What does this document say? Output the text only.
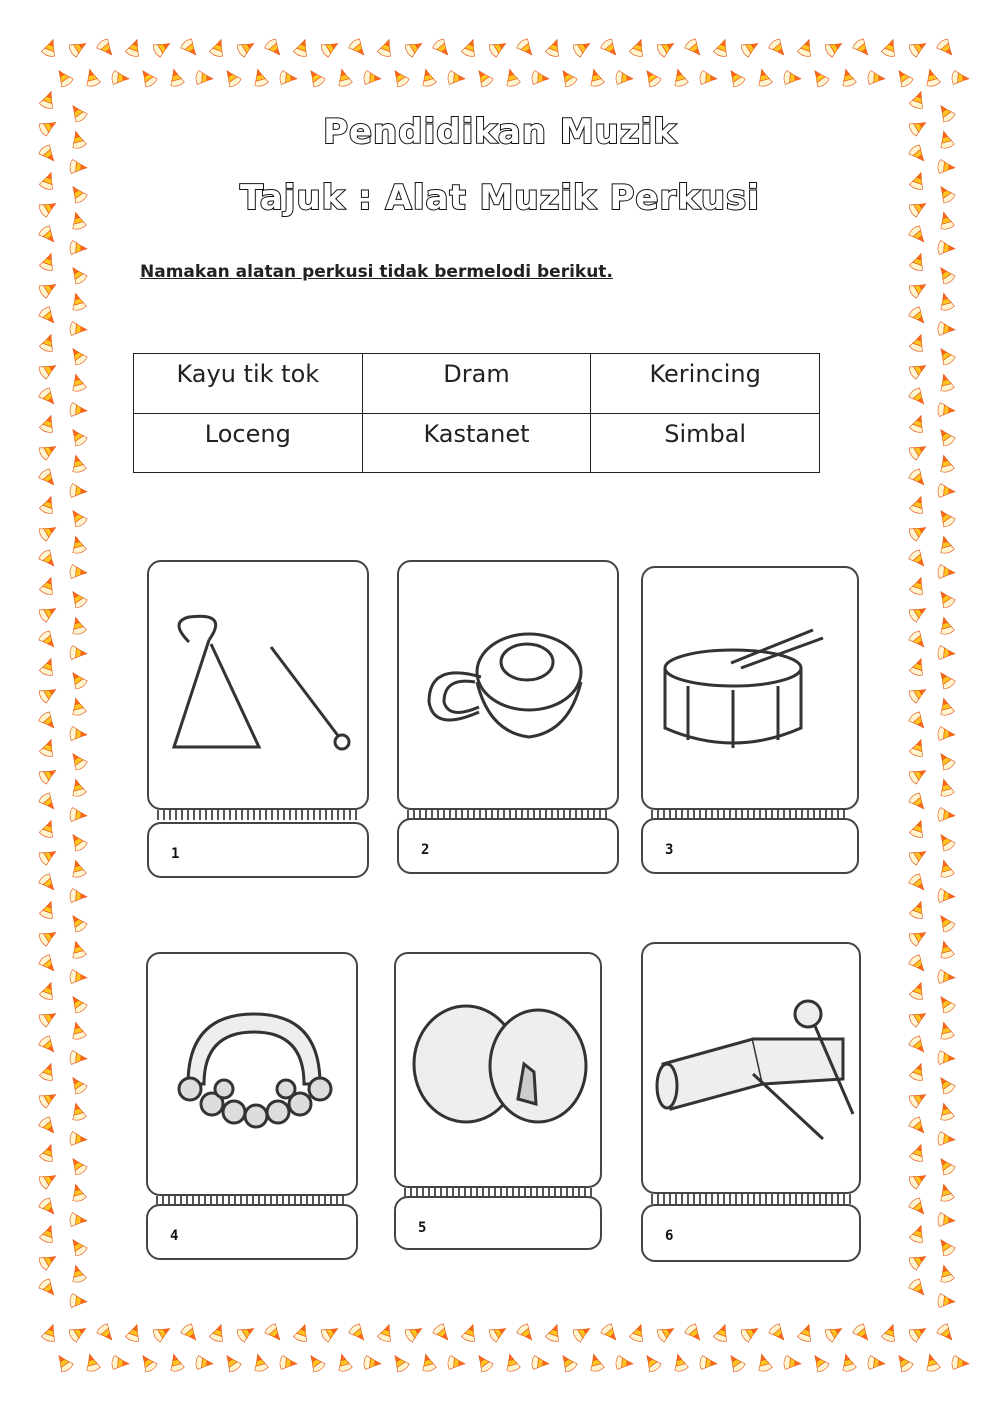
Pendidikan Muzik
Tajuk : Alat Muzik Perkusi
Namakan alatan perkusi tidak bermelodi berikut.
Kayu tik tok	Dram	Kerincing
Loceng	Kastanet	Simbal
1	2	3
4	5	6
